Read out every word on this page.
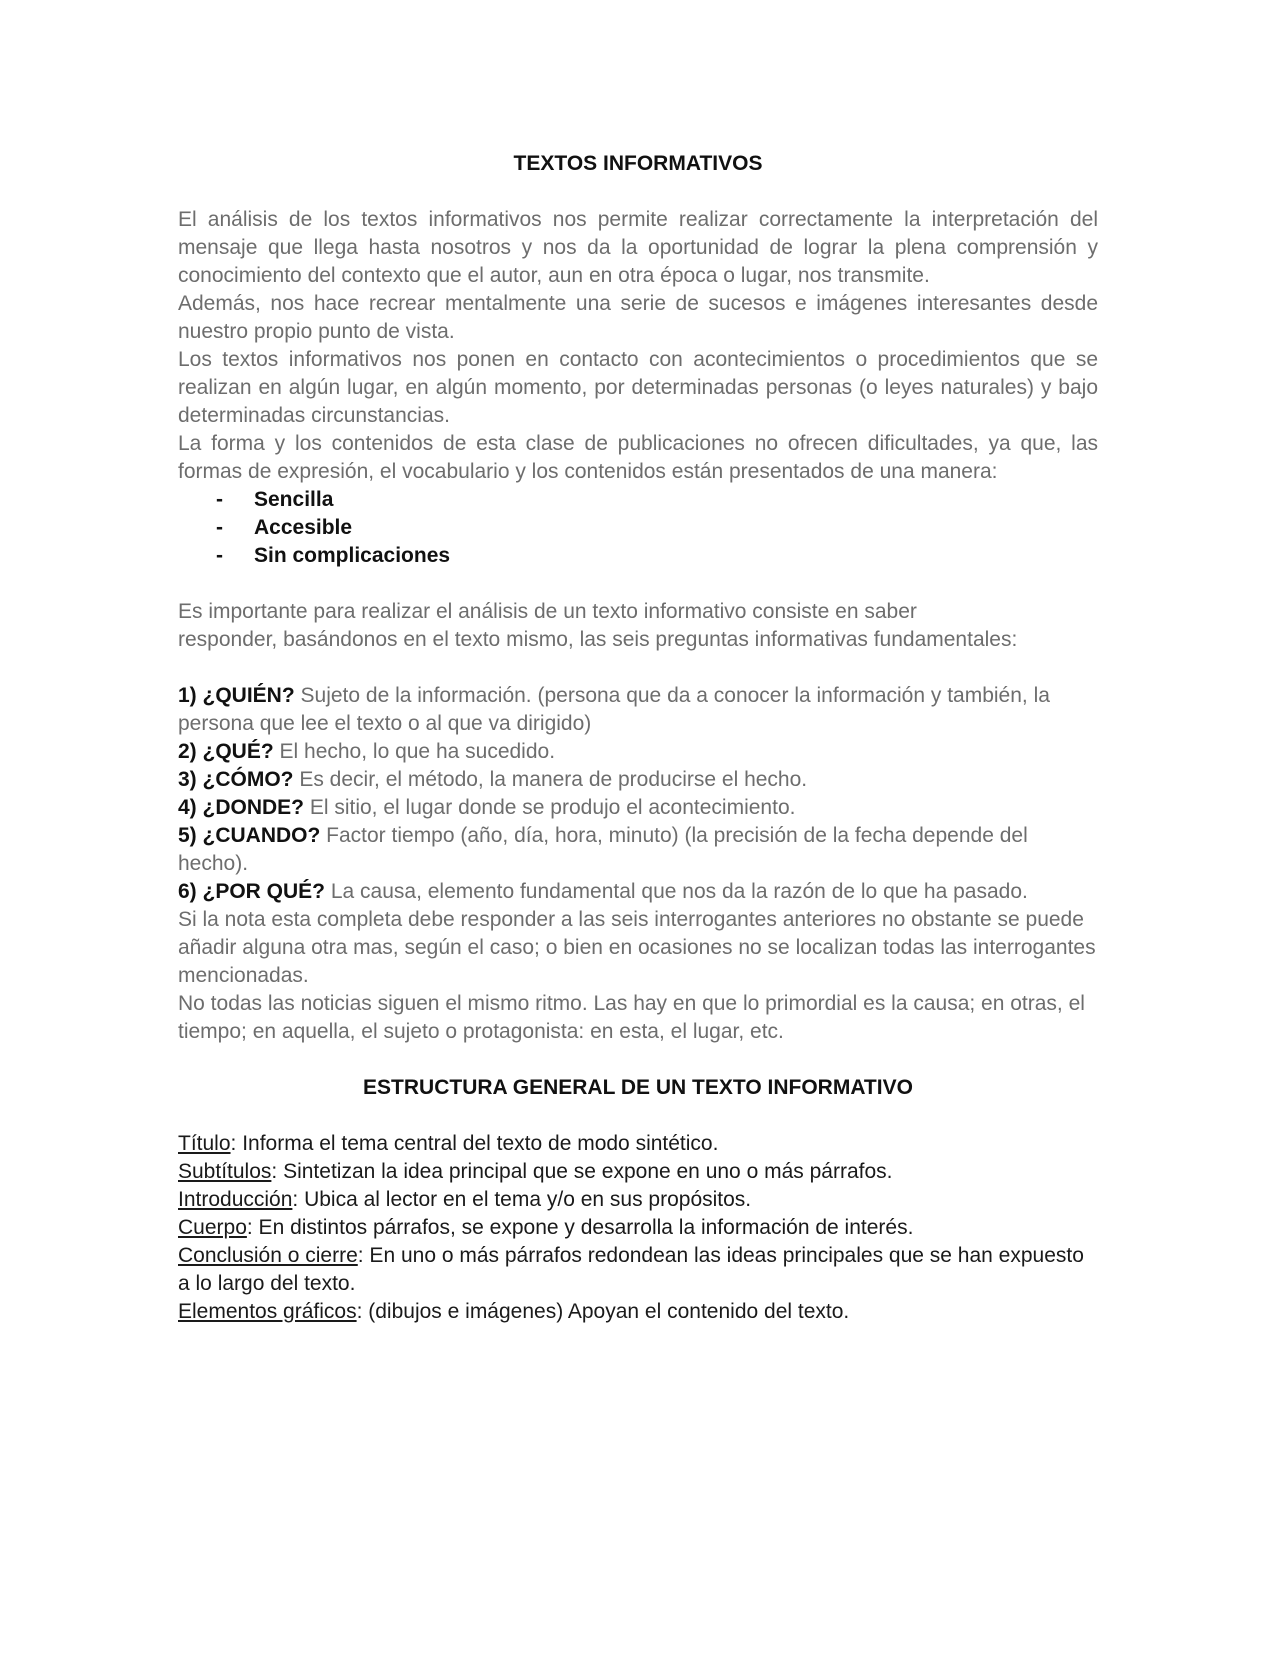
TEXTOS INFORMATIVOS

El análisis de los textos informativos nos permite realizar correctamente la interpretación del mensaje que llega hasta nosotros y nos da la oportunidad de lograr la plena comprensión y conocimiento del contexto que el autor, aun en otra época o lugar, nos transmite.

Además, nos hace recrear mentalmente una serie de sucesos e imágenes interesantes desde nuestro propio punto de vista.

Los textos informativos nos ponen en contacto con acontecimientos o procedimientos que se realizan en algún lugar, en algún momento, por determinadas personas (o leyes naturales) y bajo determinadas circunstancias.

La forma y los contenidos de esta clase de publicaciones no ofrecen dificultades, ya que, las formas de expresión, el vocabulario y los contenidos están presentados de una manera:

- Sencilla
- Accesible
- Sin complicaciones

Es importante para realizar el análisis de un texto informativo consiste en saber
responder, basándonos en el texto mismo, las seis preguntas informativas fundamentales:

1) ¿QUIÉN? Sujeto de la información. (persona que da a conocer la información y también, la persona que lee el texto o al que va dirigido)

2) ¿QUÉ? El hecho, lo que ha sucedido.

3) ¿CÓMO? Es decir, el método, la manera de producirse el hecho.

4) ¿DONDE? El sitio, el lugar donde se produjo el acontecimiento.

5) ¿CUANDO? Factor tiempo (año, día, hora, minuto) (la precisión de la fecha depende del hecho).

6) ¿POR QUÉ? La causa, elemento fundamental que nos da la razón de lo que ha pasado.

Si la nota esta completa debe responder a las seis interrogantes anteriores no obstante se puede añadir alguna otra mas, según el caso; o bien en ocasiones no se localizan todas las interrogantes mencionadas.

No todas las noticias siguen el mismo ritmo. Las hay en que lo primordial es la causa; en otras, el tiempo; en aquella, el sujeto o protagonista: en esta, el lugar, etc.

ESTRUCTURA GENERAL DE UN TEXTO INFORMATIVO

Título: Informa el tema central del texto de modo sintético.

Subtítulos: Sintetizan la idea principal que se expone en uno o más párrafos.

Introducción: Ubica al lector en el tema y/o en sus propósitos.

Cuerpo: En distintos párrafos, se expone y desarrolla la información de interés.

Conclusión o cierre: En uno o más párrafos redondean las ideas principales que se han expuesto a lo largo del texto.

Elementos gráficos: (dibujos e imágenes) Apoyan el contenido del texto.
